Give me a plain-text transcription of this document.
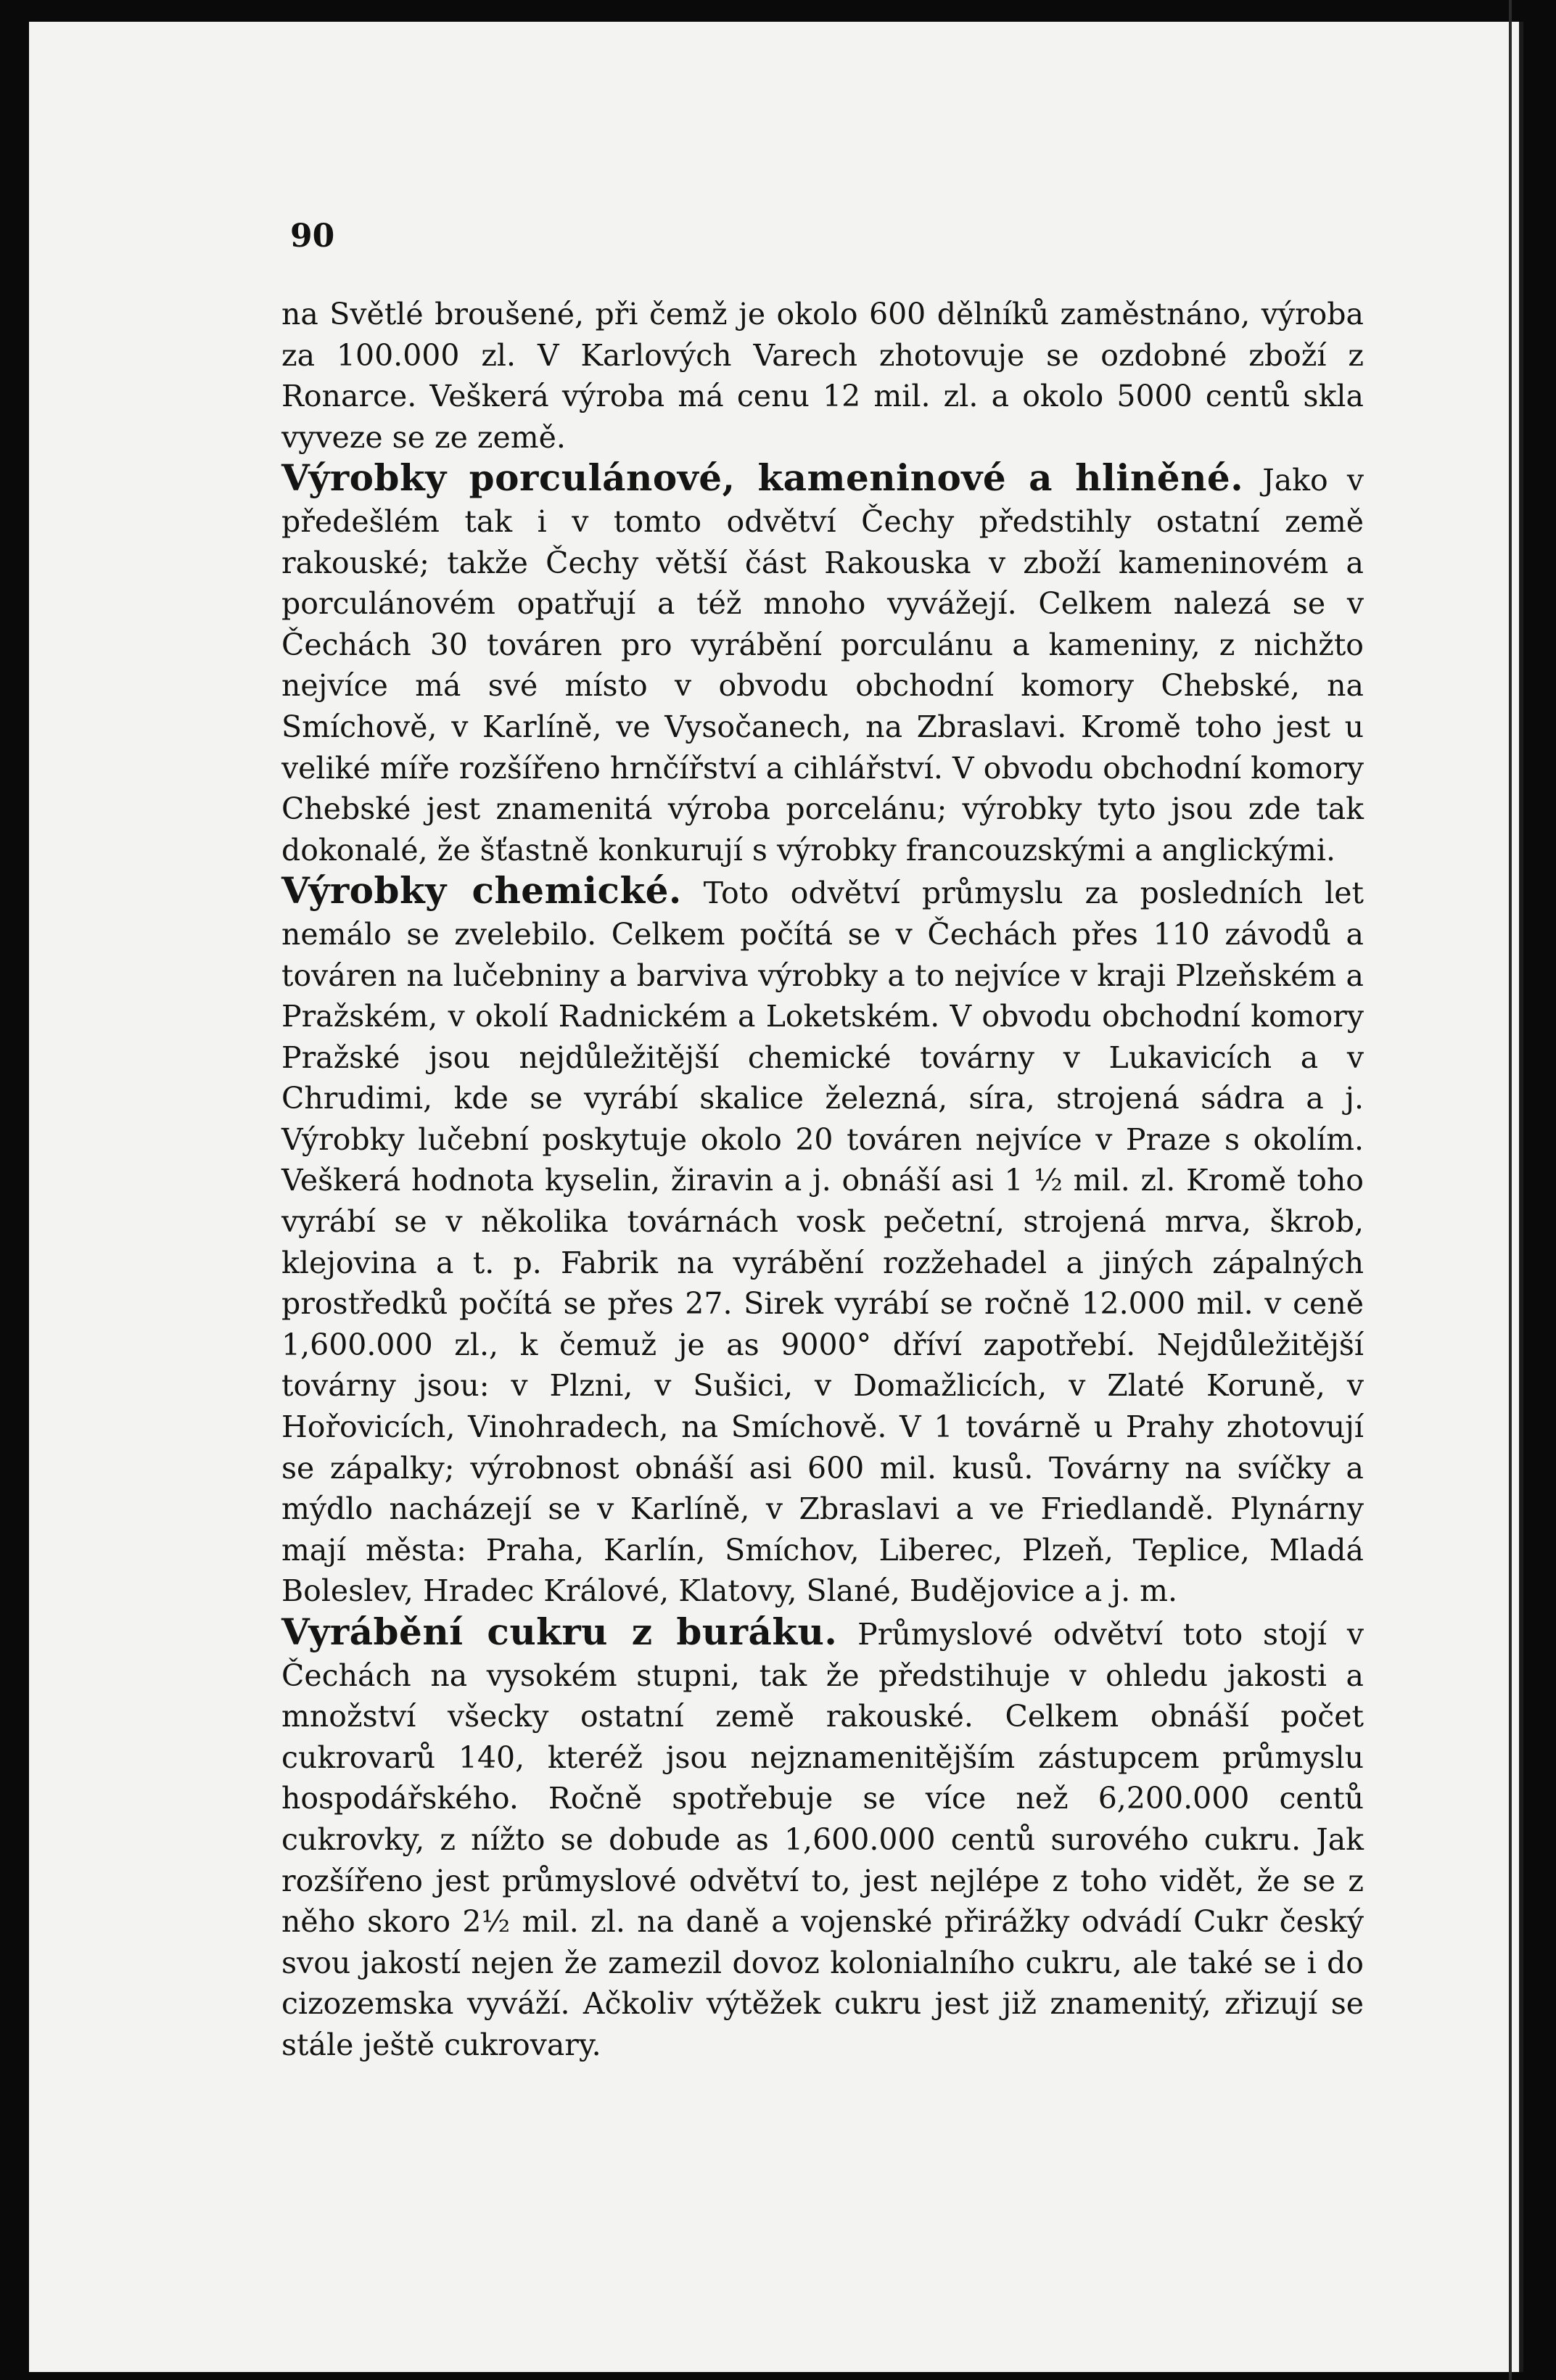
90

na Světlé broušené, při čemž je okolo 600 dělníků zaměstnáno, výroba za 100.000 zl. V Karlových Varech zhotovuje se ozdobné zboží z Ronarce. Veškerá výroba má cenu 12 mil. zl. a okolo 5000 centů skla vyveze se ze země.

Výrobky porculánové, kameninové a hliněné. Jako v předešlém tak i v tomto odvětví Čechy předstihly ostatní země rakouské; takže Čechy větší část Rakouska v zboží kameninovém a porculánovém opatřují a též mnoho vyvážejí. Celkem nalezá se v Čechách 30 továren pro vyrábění porculánu a kameniny, z nichžto nejvíce má své místo v obvodu obchodní komory Chebské, na Smíchově, v Karlíně, ve Vysočanech, na Zbraslavi. Kromě toho jest u veliké míře rozšířeno hrnčířství a cihlářství. V obvodu obchodní komory Chebské jest znamenitá výroba porcelánu; výrobky tyto jsou zde tak dokonalé, že šťastně konkurují s výrobky francouzskými a anglickými.

Výrobky chemické. Toto odvětví průmyslu za posledních let nemálo se zvelebilo. Celkem počítá se v Čechách přes 110 závodů a továren na lučebniny a barviva výrobky a to nejvíce v kraji Plzeňském a Pražském, v okolí Radnickém a Loketském. V obvodu obchodní komory Pražské jsou nejdůležitější chemické továrny v Lukavicích a v Chrudimi, kde se vyrábí skalice železná, síra, strojená sádra a j. Výrobky lučební poskytuje okolo 20 továren nejvíce v Praze s okolím. Veškerá hodnota kyselin, žiravin a j. obnáší asi 1 ½ mil. zl. Kromě toho vyrábí se v několika továrnách vosk pečetní, strojená mrva, škrob, klejovina a t. p. Fabrik na vyrábění rozžehadel a jiných zápalných prostředků počítá se přes 27. Sirek vyrábí se ročně 12.000 mil. v ceně 1,600.000 zl., k čemuž je as 9000° dříví zapotřebí. Nejdůležitější továrny jsou: v Plzni, v Sušici, v Domažlicích, v Zlaté Koruně, v Hořovicích, Vinohradech, na Smíchově. V 1 továrně u Prahy zhotovují se zápalky; výrobnost obnáší asi 600 mil. kusů. Továrny na svíčky a mýdlo nacházejí se v Karlíně, v Zbraslavi a ve Friedlandě. Plynárny mají města: Praha, Karlín, Smíchov, Liberec, Plzeň, Teplice, Mladá Boleslev, Hradec Králové, Klatovy, Slané, Budějovice a j. m.

Vyrábění cukru z buráku. Průmyslové odvětví toto stojí v Čechách na vysokém stupni, tak že předstihuje v ohledu jakosti a množství všecky ostatní země rakouské. Celkem obnáší počet cukrovarů 140, kteréž jsou nejznamenitějším zástupcem průmyslu hospodářského. Ročně spotřebuje se více než 6,200.000 centů cukrovky, z nížto se dobude as 1,600.000 centů surového cukru. Jak rozšířeno jest průmyslové odvětví to, jest nejlépe z toho vidět, že se z něho skoro 2½ mil. zl. na daně a vojenské přirážky odvádí Cukr český svou jakostí nejen že zamezil dovoz kolonialního cukru, ale také se i do cizozemska vyváží. Ačkoliv výtěžek cukru jest již znamenitý, zřizují se stále ještě cukrovary.
